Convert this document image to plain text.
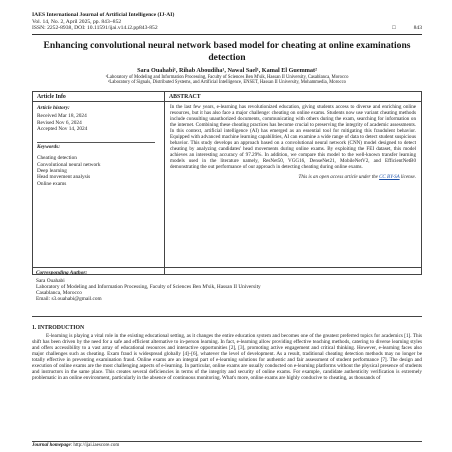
IAES International Journal of Artificial Intelligence (IJ-AI)
Vol. 14, No. 2, April 2025, pp. 843~852
ISSN: 2252-8938, DOI: 10.11591/ijai.v14.i2.pp843-852	□	843
Enhancing convolutional neural network based model for cheating at online examinations detection
Sara Ouahabi¹, Rihab Aboudiha¹, Nawal Sael¹, Kamal El Guemmat²
¹Laboratory of Modeling and Information Processing, Faculty of Sciences Ben M'sik, Hassan II University, Casablanca, Morocco
²Laboratory of Signals, Distributed Systems, and Artificial Intelligence, ENSET, Hassan II University, Mohammedia, Morocco
Article Info
Article history:
Received Mar 18, 2024
Revised Nov 6, 2024
Accepted Nov 14, 2024
Keywords:
Cheating detection
Convolutional neural network
Deep learning
Head movement analysis
Online exams
ABSTRACT
In the last few years, e-learning has revolutionized education, giving students access to diverse and enriching online resources, but it has also face a major challenge: cheating on online exams. Students now use variant cheating methods include consulting unauthorized documents, communicating with others during the exam, searching for information on the internet. Combining these cheating practices has become crucial to preserving the integrity of academic assessments. In this context, artificial intelligence (AI) has emerged as an essential tool for mitigating this fraudulent behavior. Equipped with advanced machine learning capabilities, AI can examine a wide range of data to detect student suspicious behavior. This study develops an approach based on a convolutional neural network (CNN) model designed to detect cheating by analyzing candidates' head movements during online exams. By exploiting the FEI dataset, this model achieves an interesting accuracy of 97.29%. In addition, we compare this model to the well-known transfer learning models used in the literature namely, ResNet50, VGG16, DenseNet21, MobileNetV2, and EfficientNetB0 demonstrating the out performance of our approach in detecting cheating during online exams.
This is an open access article under the CC BY-SA license.
Corresponding Author:
Sara Ouahabi
Laboratory of Modeling and Information Processing, Faculty of Sciences Ben M'sik, Hassan II University
Casablanca, Morocco
Email: s3.ouahabi@gmail.com
1. INTRODUCTION
E-learning is playing a vital role in the existing educational setting, as it changes the entire education system and becomes one of the greatest preferred topics for academics [1]. This shift has been driven by the need for a safe and efficient alternative to in-person learning. In fact, e-learning allow providing effective teaching methods, catering to diverse learning styles and offers accessibility to a vast array of educational resources and interactive opportunities [2], [3], promoting active engagement and critical thinking. However, e-learning faces also major challenges such as cheating. Exam fraud is widespread globally [4]–[6], whatever the level of development. As a result, traditional cheating detection methods may no longer be totally effective in preventing examination fraud. Online exams are an integral part of e-learning solutions for authentic and fair assessment of student performance [7]. The design and execution of online exams are the most challenging aspects of e-learning. In particular, online exams are usually conducted on e-learning platforms without the physical presence of students and instructors in the same place. This creates several deficiencies in terms of the integrity and security of online exams. For example, candidate authenticity verification is extremely problematic in an online environment, particularly in the absence of continuous monitoring. What's more, online exams are highly conducive to cheating, as thousands of
Journal homepage: http://ijai.iaescore.com
